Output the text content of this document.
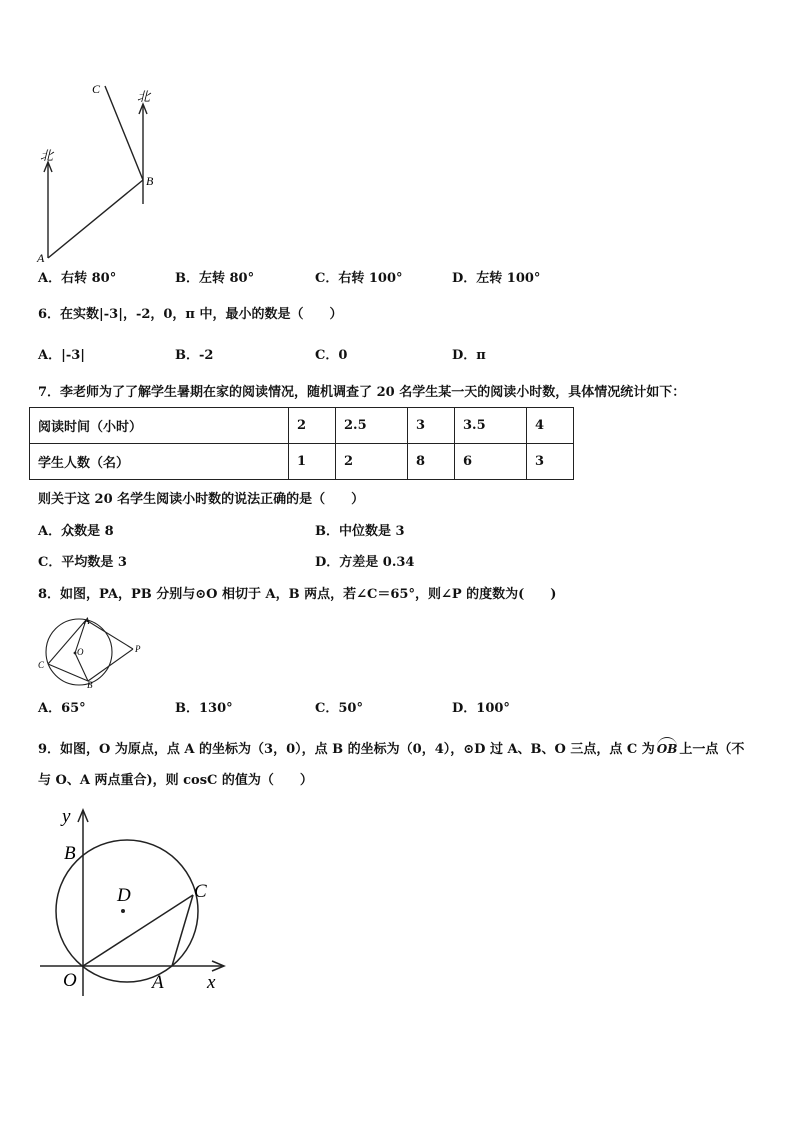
北
北
A
B
C
A．右转 80°	B．左转 80°	C．右转 100°	D．左转 100°
6．在实数|-3|，-2，0，π 中，最小的数是（　　）
A．|-3|	B．-2	C．0	D．π
7．李老师为了了解学生暑期在家的阅读情况，随机调查了 20 名学生某一天的阅读小时数，具体情况统计如下：
阅读时间（小时）	2	2.5	3	3.5	4
学生人数（名）	1	2	8	6	3
则关于这 20 名学生阅读小时数的说法正确的是（　　）
A．众数是 8	B．中位数是 3
C．平均数是 3	D．方差是 0.34
8．如图，PA，PB 分别与⊙O 相切于 A，B 两点，若∠C＝65°，则∠P 的度数为(　　)
A
B
C
O	P
A．65°	B．130°	C．50°	D．100°
9．如图，O 为原点，点 A 的坐标为（3，0），点 B 的坐标为（0，4），⊙D 过 A、B、O 三点，点 C 为 OB 上一点（不
与 O、A 两点重合)，则 cosC 的值为（　　）
y
x
B
D	C
O	A
